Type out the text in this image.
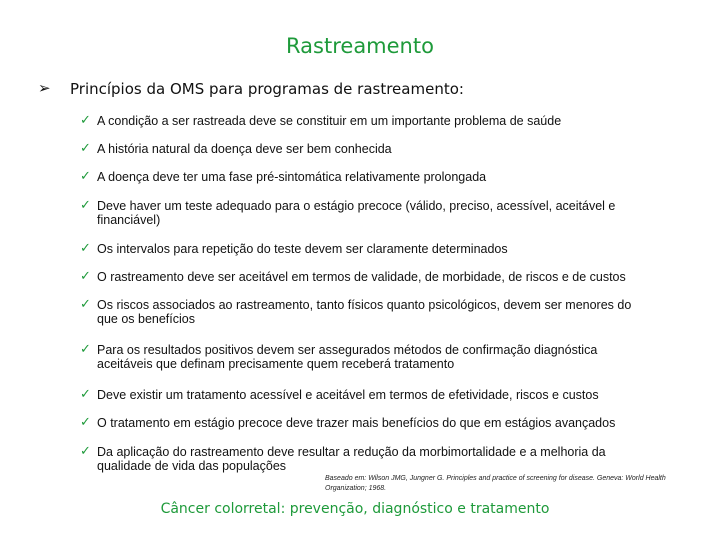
Rastreamento
➢ Princípios da OMS para programas de rastreamento:
✓ A condição a ser rastreada deve se constituir em um importante problema de saúde
✓ A história natural da doença deve ser bem conhecida
✓ A doença deve ter uma fase pré-sintomática relativamente prolongada
✓ Deve haver um teste adequado para o estágio precoce (válido, preciso, acessível, aceitável e
financiável)
✓ Os intervalos para repetição do teste devem ser claramente determinados
✓ O rastreamento deve ser aceitável em termos de validade, de morbidade, de riscos e de custos
✓ Os riscos associados ao rastreamento, tanto físicos quanto psicológicos, devem ser menores do
que os benefícios
✓ Para os resultados positivos devem ser assegurados métodos de confirmação diagnóstica
aceitáveis que definam precisamente quem receberá tratamento
✓ Deve existir um tratamento acessível e aceitável em termos de efetividade, riscos e custos
✓ O tratamento em estágio precoce deve trazer mais benefícios do que em estágios avançados
✓ Da aplicação do rastreamento deve resultar a redução da morbimortalidade e a melhoria da
qualidade de vida das populações
Baseado em: Wilson JMG, Jungner G. Principles and practice of screening for disease. Geneva: World Health Organization; 1968.
Câncer colorretal: prevenção, diagnóstico e tratamento
